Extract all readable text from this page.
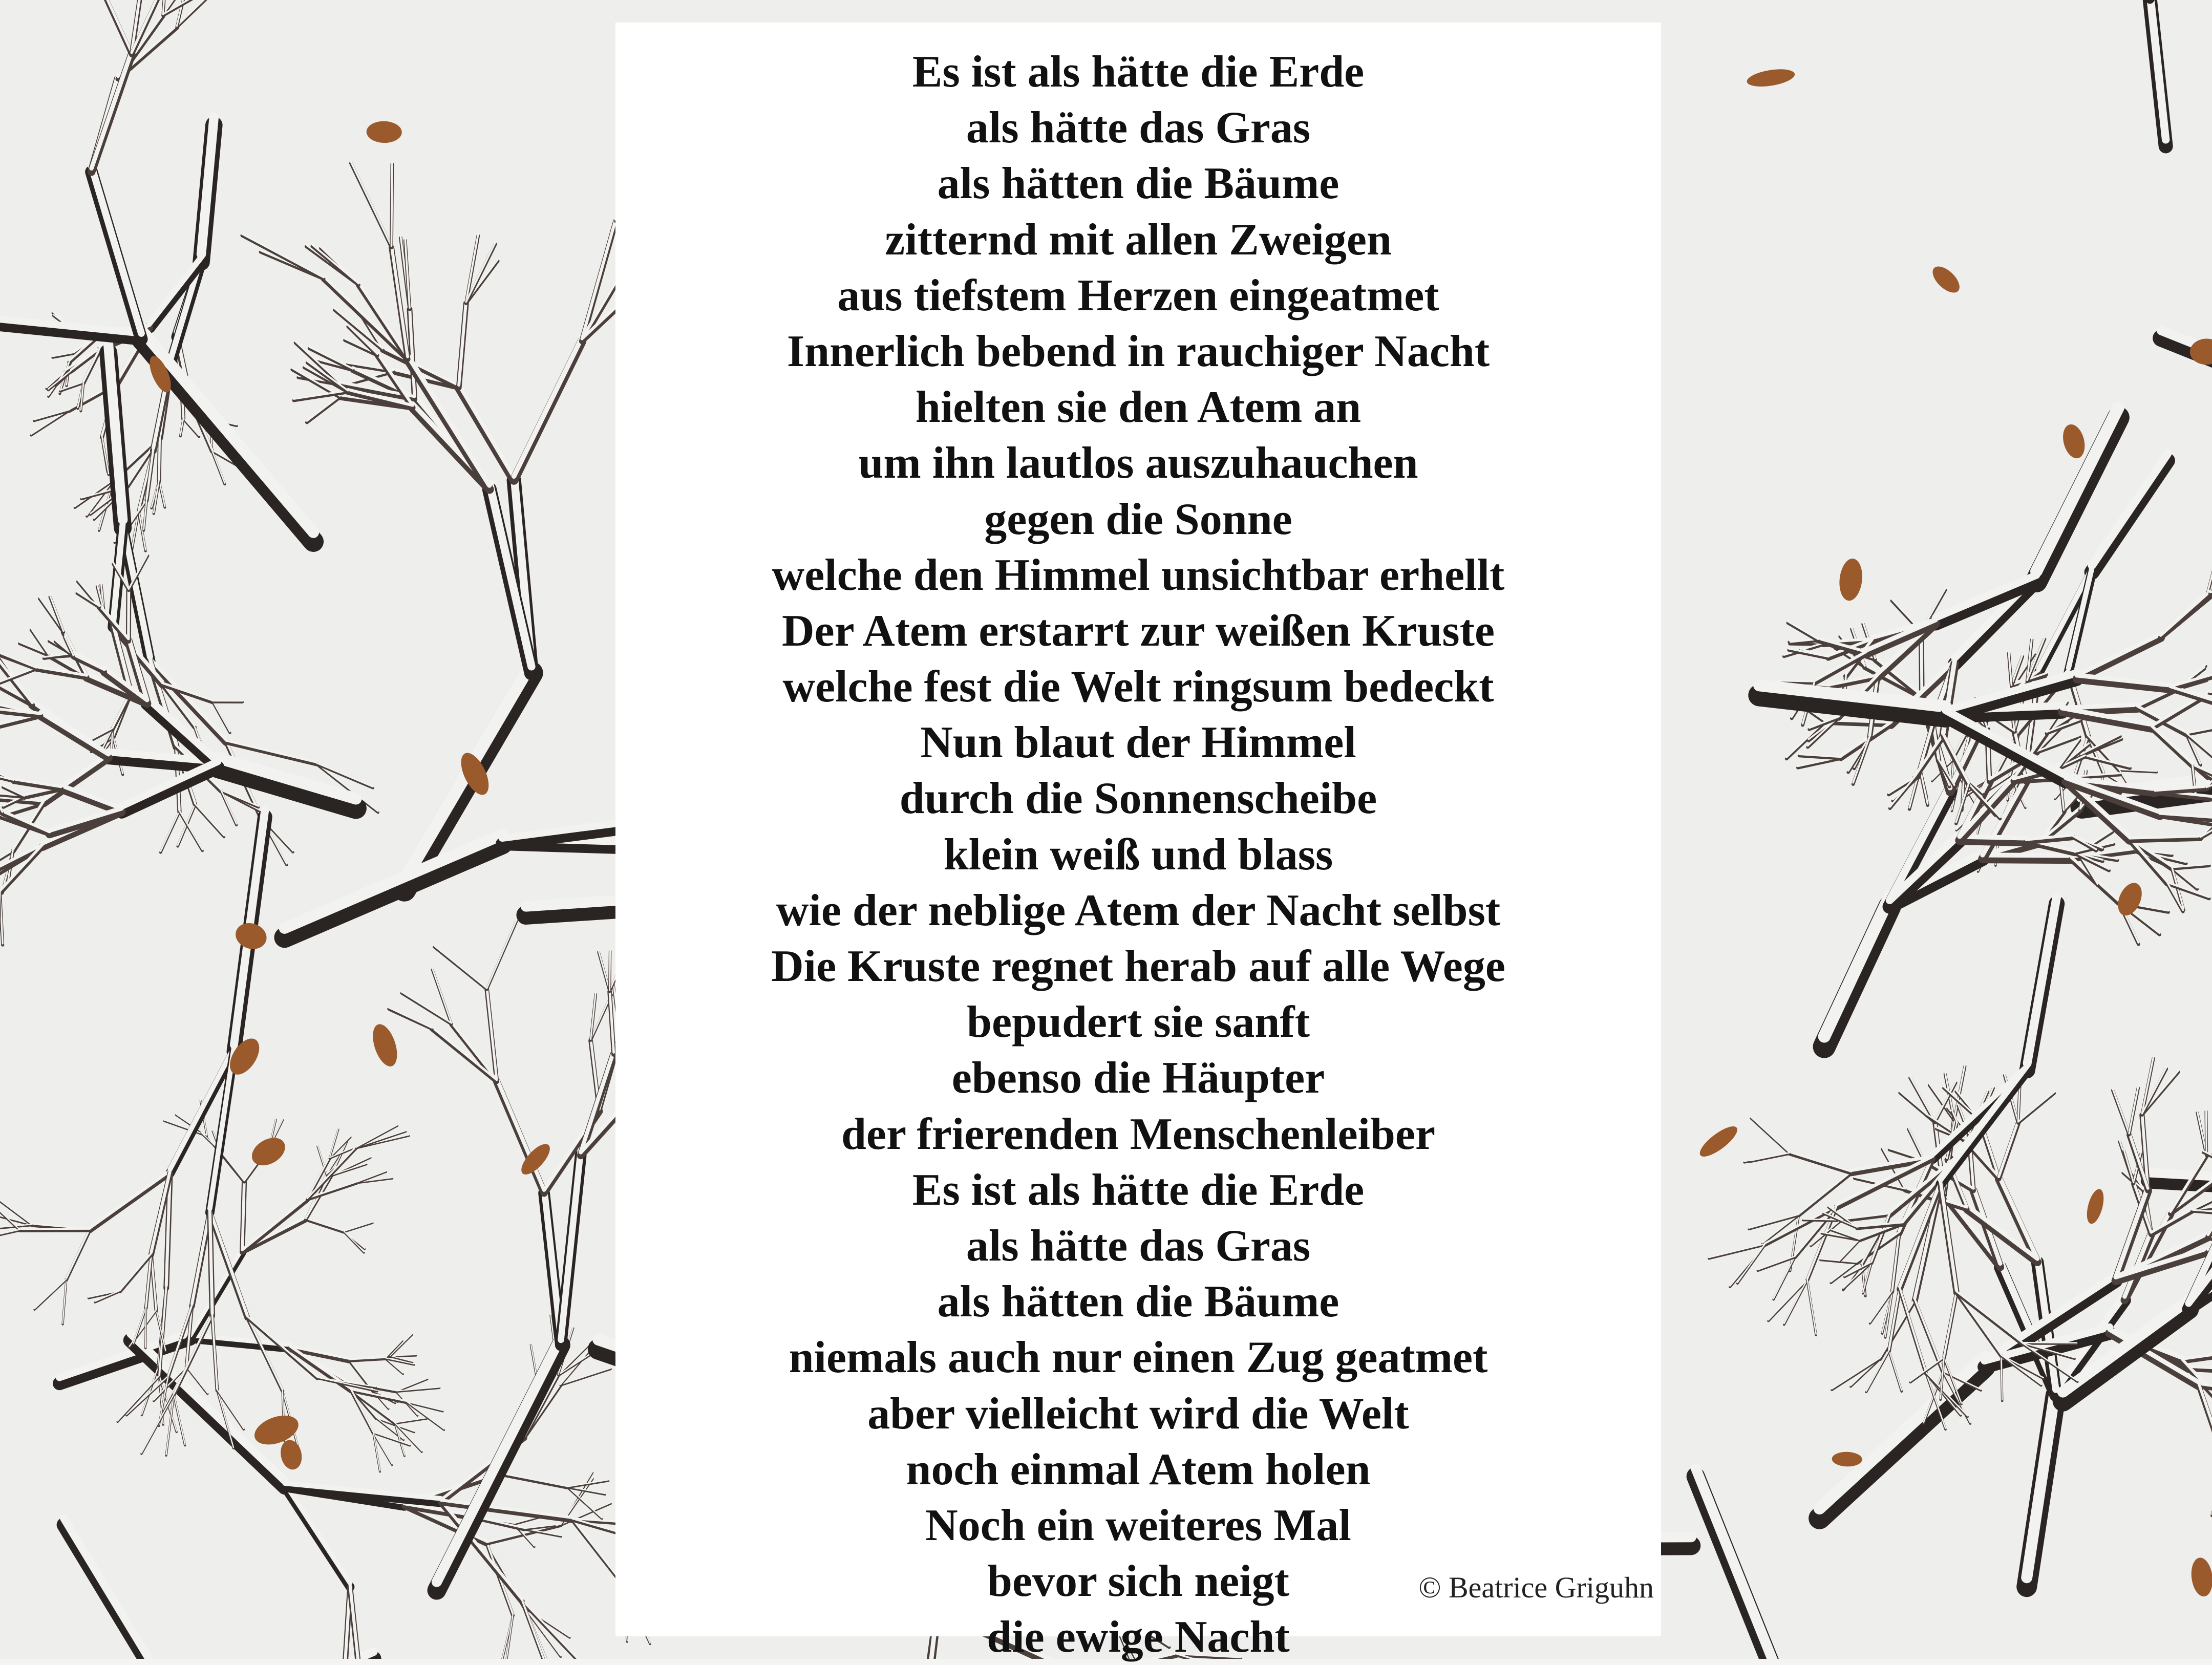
Es ist als hätte die Erde
als hätte das Gras
als hätten die Bäume
zitternd mit allen Zweigen
aus tiefstem Herzen eingeatmet
Innerlich bebend in rauchiger Nacht
hielten sie den Atem an
um ihn lautlos auszuhauchen
gegen die Sonne
welche den Himmel unsichtbar erhellt
Der Atem erstarrt zur weißen Kruste
welche fest die Welt ringsum bedeckt
Nun blaut der Himmel
durch die Sonnenscheibe
klein weiß und blass
wie der neblige Atem der Nacht selbst
Die Kruste regnet herab auf alle Wege
bepudert sie sanft
ebenso die Häupter
der frierenden Menschenleiber
Es ist als hätte die Erde
als hätte das Gras
als hätten die Bäume
niemals auch nur einen Zug geatmet
aber vielleicht wird die Welt
noch einmal Atem holen
Noch ein weiteres Mal
bevor sich neigt
die ewige Nacht
© Beatrice Griguhn
